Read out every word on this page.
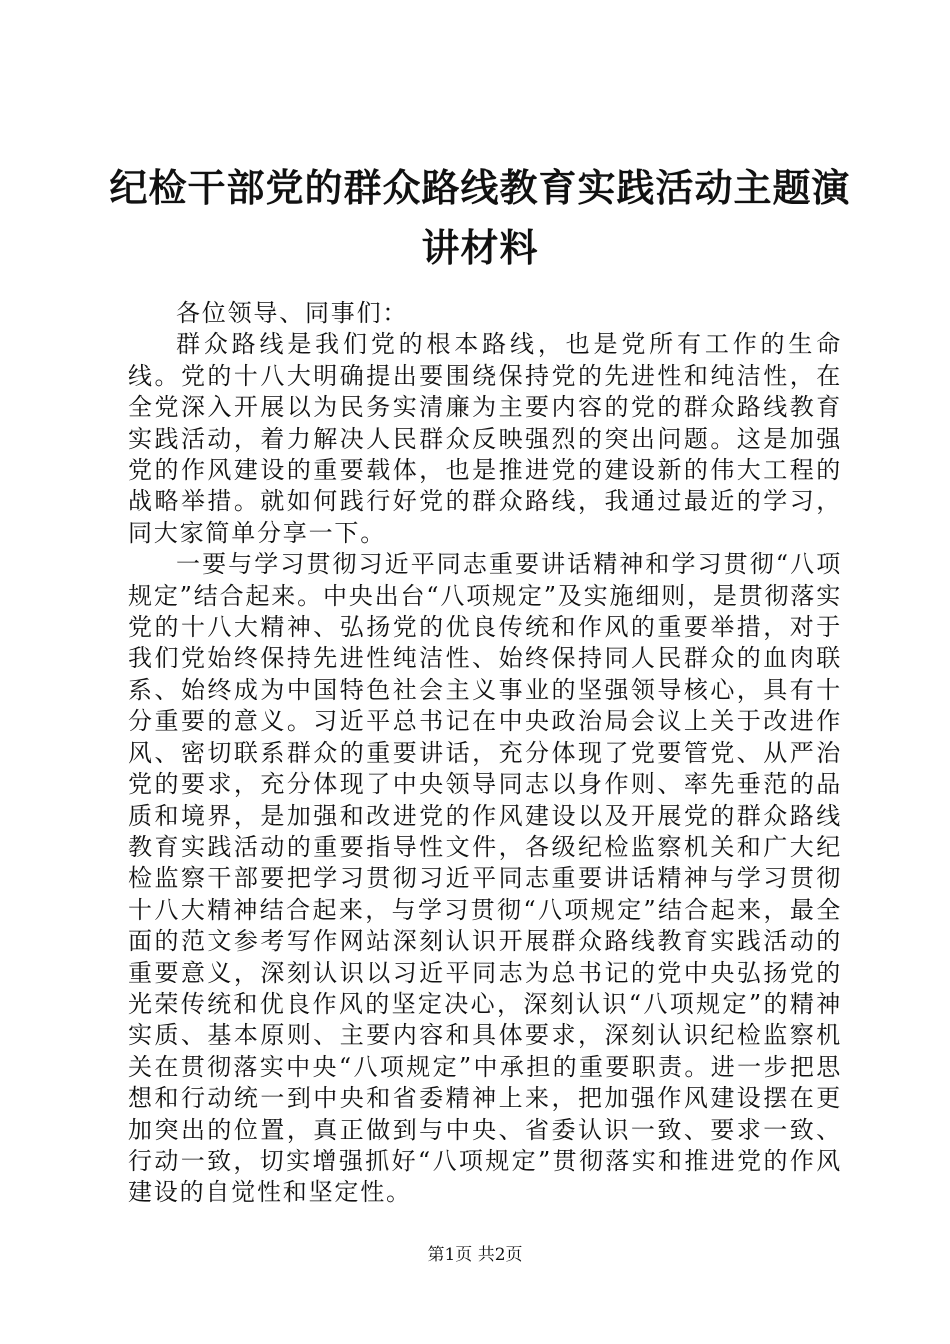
纪检干部党的群众路线教育实践活动主题演讲材料

各位领导、同事们：

群众路线是我们党的根本路线，也是党所有工作的生命线。党的十八大明确提出要围绕保持党的先进性和纯洁性，在全党深入开展以为民务实清廉为主要内容的党的群众路线教育实践活动，着力解决人民群众反映强烈的突出问题。这是加强党的作风建设的重要载体，也是推进党的建设新的伟大工程的战略举措。就如何践行好党的群众路线，我通过最近的学习，同大家简单分享一下。

一要与学习贯彻习近平同志重要讲话精神和学习贯彻“八项规定”结合起来。中央出台“八项规定”及实施细则，是贯彻落实党的十八大精神、弘扬党的优良传统和作风的重要举措，对于我们党始终保持先进性纯洁性、始终保持同人民群众的血肉联系、始终成为中国特色社会主义事业的坚强领导核心，具有十分重要的意义。习近平总书记在中央政治局会议上关于改进作风、密切联系群众的重要讲话，充分体现了党要管党、从严治党的要求，充分体现了中央领导同志以身作则、率先垂范的品质和境界，是加强和改进党的作风建设以及开展党的群众路线教育实践活动的重要指导性文件，各级纪检监察机关和广大纪检监察干部要把学习贯彻习近平同志重要讲话精神与学习贯彻十八大精神结合起来，与学习贯彻“八项规定”结合起来，最全面的范文参考写作网站深刻认识开展群众路线教育实践活动的重要意义，深刻认识以习近平同志为总书记的党中央弘扬党的光荣传统和优良作风的坚定决心，深刻认识“八项规定”的精神实质、基本原则、主要内容和具体要求，深刻认识纪检监察机关在贯彻落实中央“八项规定”中承担的重要职责。进一步把思想和行动统一到中央和省委精神上来，把加强作风建设摆在更加突出的位置，真正做到与中央、省委认识一致、要求一致、行动一致，切实增强抓好“八项规定”贯彻落实和推进党的作风建设的自觉性和坚定性。

第1页 共2页
